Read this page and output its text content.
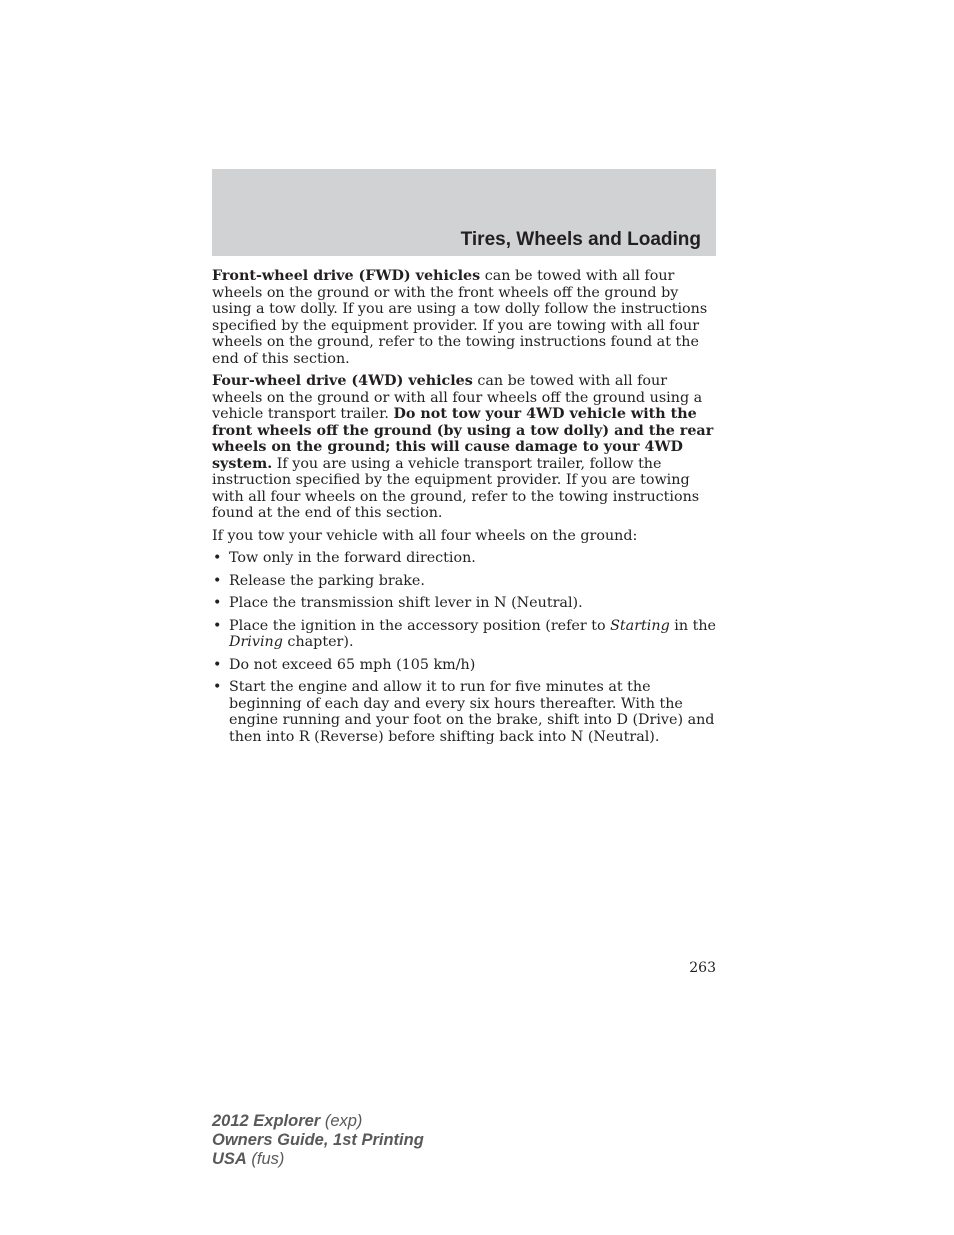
Tires, Wheels and Loading

Front-wheel drive (FWD) vehicles can be towed with all four wheels on the ground or with the front wheels off the ground by using a tow dolly. If you are using a tow dolly follow the instructions specified by the equipment provider. If you are towing with all four wheels on the ground, refer to the towing instructions found at the end of this section.

Four-wheel drive (4WD) vehicles can be towed with all four wheels on the ground or with all four wheels off the ground using a vehicle transport trailer. Do not tow your 4WD vehicle with the front wheels off the ground (by using a tow dolly) and the rear wheels on the ground; this will cause damage to your 4WD system. If you are using a vehicle transport trailer, follow the instruction specified by the equipment provider. If you are towing with all four wheels on the ground, refer to the towing instructions found at the end of this section.

If you tow your vehicle with all four wheels on the ground:

• Tow only in the forward direction.
• Release the parking brake.
• Place the transmission shift lever in N (Neutral).
• Place the ignition in the accessory position (refer to Starting in the Driving chapter).
• Do not exceed 65 mph (105 km/h)
• Start the engine and allow it to run for five minutes at the beginning of each day and every six hours thereafter. With the engine running and your foot on the brake, shift into D (Drive) and then into R (Reverse) before shifting back into N (Neutral).
263
2012 Explorer (exp)
Owners Guide, 1st Printing
USA (fus)
